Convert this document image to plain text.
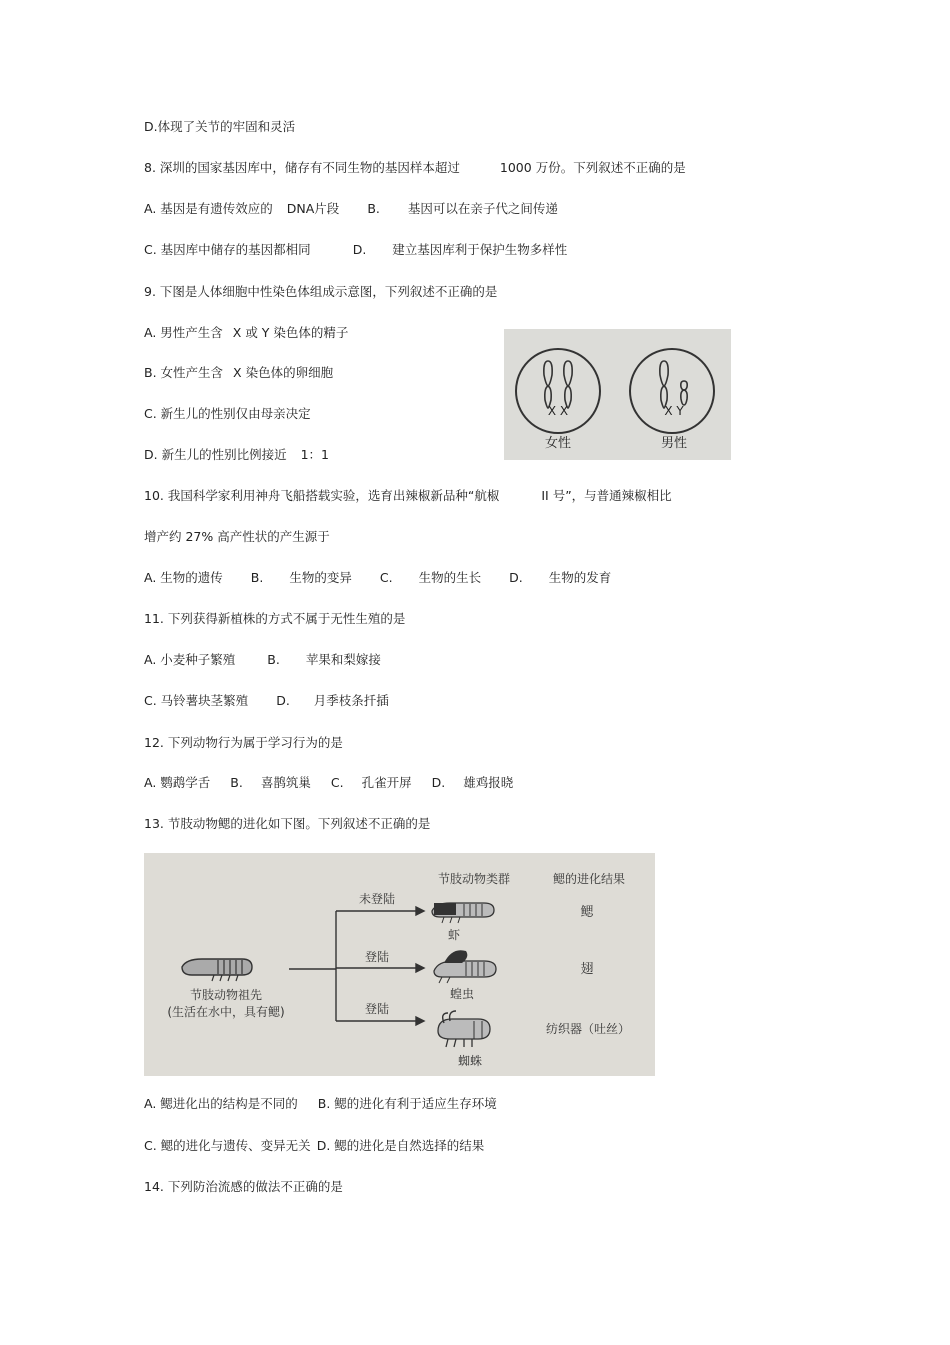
D.体现了关节的牢固和灵活
8. 深圳的国家基因库中，储存有不同生物的基因样本超过	1000 万份。下列叙述不正确的是
A. 基因是有遗传效应的 DNA片段 B. 基因可以在亲子代之间传递
C. 基因库中储存的基因都相同	D. 建立基因库利于保护生物多样性
9. 下图是人体细胞中性染色体组成示意图，下列叙述不正确的是
A. 男性产生含 X 或 Y 染色体的精子
B. 女性产生含 X 染色体的卵细胞
C. 新生儿的性别仅由母亲决定
D. 新生儿的性别比例接近 1：1
X X	X Y
女性	男性
10. 我国科学家利用神舟飞船搭载实验，选育出辣椒新品种“航椒	II 号”，与普通辣椒相比
增产约 27% 高产性状的产生源于
A. 生物的遗传 B. 生物的变异 C. 生物的生长 D. 生物的发育
11. 下列获得新植株的方式不属于无性生殖的是
A. 小麦种子繁殖	B. 苹果和梨嫁接
C. 马铃薯块茎繁殖 D. 月季枝条扦插
12. 下列动物行为属于学习行为的是
A. 鹦鹉学舌 B. 喜鹊筑巢 C. 孔雀开屏 D. 雄鸡报晓
13. 节肢动物鳃的进化如下图。下列叙述不正确的是
节肢动物类群	鳃的进化结果
节肢动物祖先
(生活在水中，具有鳃)
未登陆
登陆
登陆
虾
蝗虫
蜘蛛
鳃
翅
纺织器（吐丝）
A. 鳃进化出的结构是不同的 B. 鳃的进化有利于适应生存环境
C. 鳃的进化与遗传、变异无关 D. 鳃的进化是自然选择的结果
14. 下列防治流感的做法不正确的是
